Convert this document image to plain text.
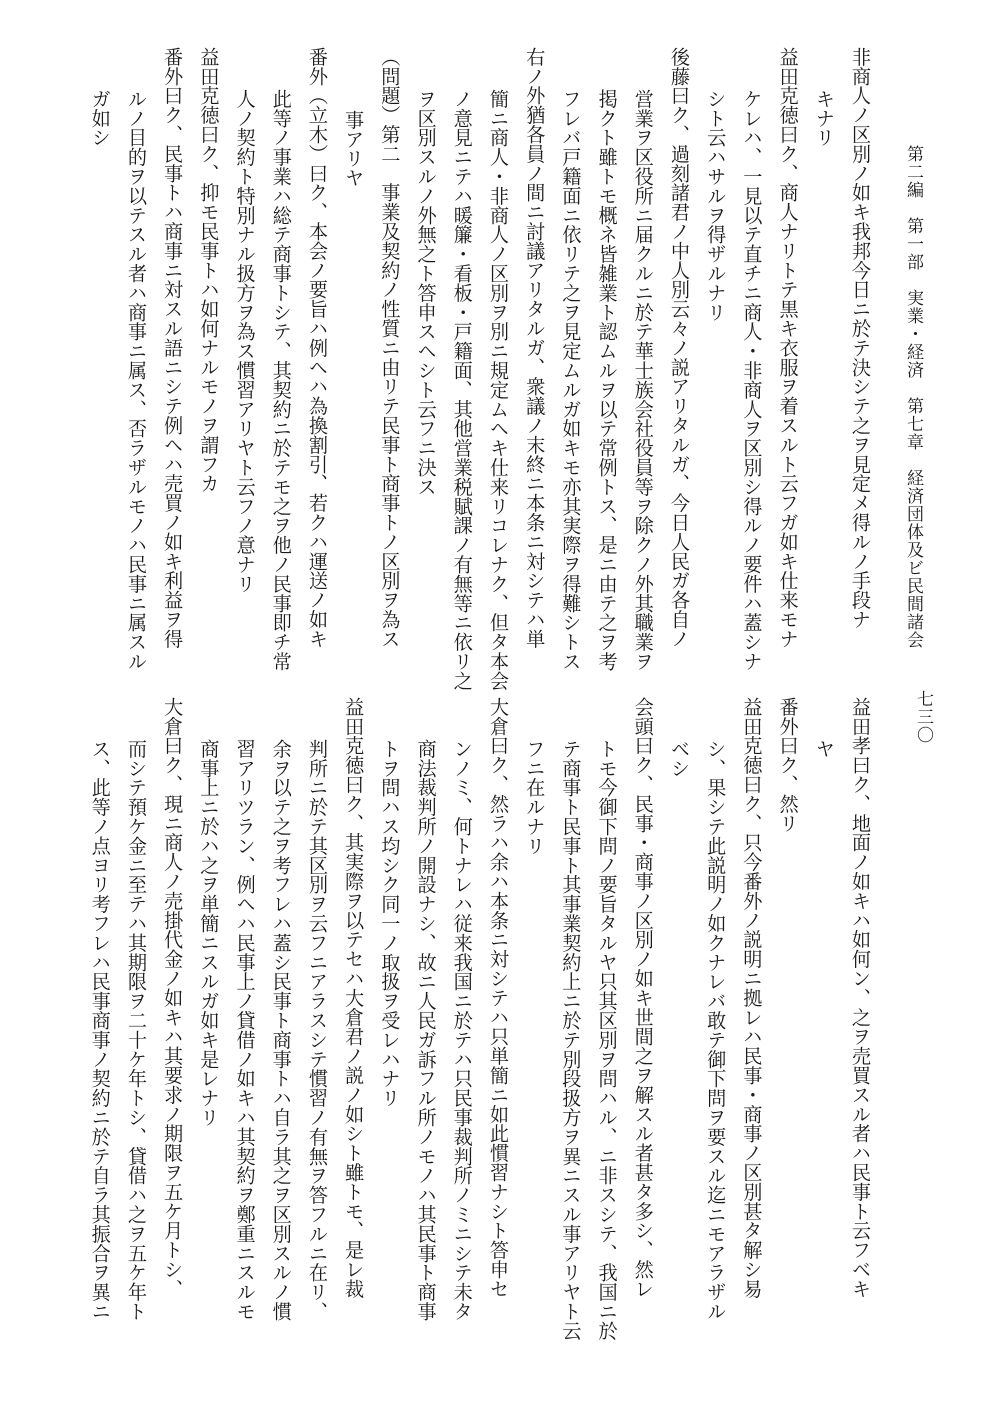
第二編　第一部　実業・経済　第七章　経済団体及ビ民間諸会
七三〇
非商人ノ区別ノ如キ我邦今日ニ於テ決シテ之ヲ見定メ得ルノ手段ナ
キナリ
益田克徳曰ク、商人ナリトテ黒キ衣服ヲ着スルト云フガ如キ仕来モナ
ケレハ、一見以テ直チニ商人・非商人ヲ区別シ得ルノ要件ハ蓋シナ
シト云ハサルヲ得ザルナリ
後藤曰ク、過刻諸君ノ中人別云々ノ説アリタルガ、今日人民ガ各自ノ
営業ヲ区役所ニ届クルニ於テ華士族会社役員等ヲ除クノ外其職業ヲ
掲クト雖トモ概ネ皆雑業ト認ムルヲ以テ常例トス、是ニ由テ之ヲ考
フレバ戸籍面ニ依リテ之ヲ見定ムルガ如キモ亦其実際ヲ得難シトス
右ノ外猶各員ノ間ニ討議アリタルガ、衆議ノ末終ニ本条ニ対シテハ単
簡ニ商人・非商人ノ区別ヲ別ニ規定ムヘキ仕来リコレナク、但タ本会
ノ意見ニテハ暖簾・看板・戸籍面、其他営業税賦課ノ有無等ニ依リ之
ヲ区別スルノ外無之ト答申スヘシト云フニ決ス
（問題）第二　事業及契約ノ性質ニ由リテ民事ト商事トノ区別ヲ為ス
事アリヤ
番外（立木）曰ク、本会ノ要旨ハ例ヘハ為換割引、若クハ運送ノ如キ
此等ノ事業ハ総テ商事トシテ、其契約ニ於テモ之ヲ他ノ民事即チ常
人ノ契約ト特別ナル扱方ヲ為ス慣習アリヤト云フノ意ナリ
益田克徳曰ク、抑モ民事トハ如何ナルモノヲ謂フカ
番外曰ク、民事トハ商事ニ対スル語ニシテ例ヘハ売買ノ如キ利益ヲ得
ルノ目的ヲ以テスル者ハ商事ニ属ス、否ラザルモノハ民事ニ属スル
ガ如シ
益田孝曰ク、地面ノ如キハ如何ン、之ヲ売買スル者ハ民事ト云フベキ
ヤ
番外曰ク、然リ
益田克徳曰ク、只今番外ノ説明ニ拠レハ民事・商事ノ区別甚タ解シ易
シ、果シテ此説明ノ如クナレバ敢テ御下問ヲ要スル迄ニモアラザル
ベシ
会頭曰ク、民事・商事ノ区別ノ如キ世間之ヲ解スル者甚タ多シ、然レ
トモ今御下問ノ要旨タルヤ只其区別ヲ問ハル、ニ非スシテ、我国ニ於
テ商事ト民事ト其事業契約上ニ於テ別段扱方ヲ異ニスル事アリヤト云
フニ在ルナリ
大倉曰ク、然ラハ余ハ本条ニ対シテハ只単簡ニ如此慣習ナシト答申セ
ンノミ、何トナレハ従来我国ニ於テハ只民事裁判所ノミニシテ未タ
商法裁判所ノ開設ナシ、故ニ人民ガ訴フル所ノモノハ其民事ト商事
トヲ問ハス均シク同一ノ取扱ヲ受レハナリ
益田克徳曰ク、其実際ヲ以テセハ大倉君ノ説ノ如シト雖トモ、是レ裁
判所ニ於テ其区別ヲ云フニアラスシテ慣習ノ有無ヲ答フルニ在リ、
余ヲ以テ之ヲ考フレハ蓋シ民事ト商事トハ自ラ其之ヲ区別スルノ慣
習アリツラン、例ヘハ民事上ノ貸借ノ如キハ其契約ヲ鄭重ニスルモ
商事上ニ於ハ之ヲ単簡ニスルガ如キ是レナリ
大倉曰ク、現ニ商人ノ売掛代金ノ如キハ其要求ノ期限ヲ五ケ月トシ、
而シテ預ケ金ニ至テハ其期限ヲ二十ケ年トシ、貸借ハ之ヲ五ケ年ト
ス、此等ノ点ヨリ考フレハ民事商事ノ契約ニ於テ自ラ其振合ヲ異ニ
